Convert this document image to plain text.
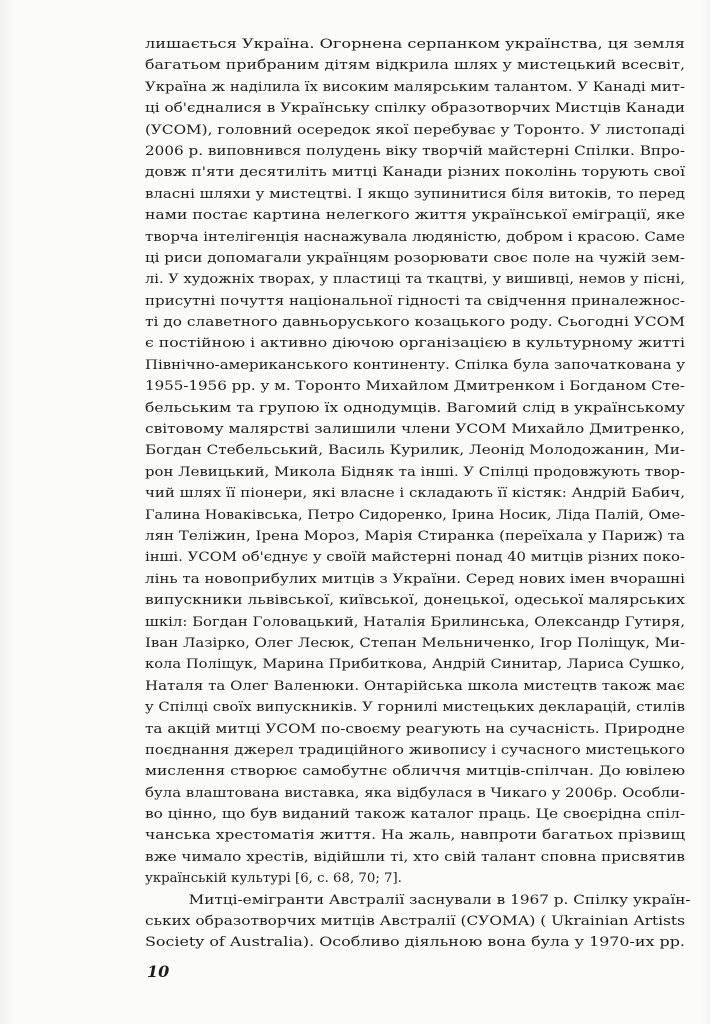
лишається Україна. Огорнена серпанком українства, ця земля
багатьом прибраним дітям відкрила шлях у мистецький всесвіт,
Україна ж наділила їх високим малярським талантом. У Канаді мит-
ці об'єдналися в Українську спілку образотворчих Мистців Канади
(УСОМ), головний осередок якої перебуває у Торонто. У листопаді
2006 р. виповнився полудень віку творчій майстерні Спілки. Впро-
довж п'яти десятиліть митці Канади різних поколінь торують свої
власні шляхи у мистецтві. І якщо зупинитися біля витоків, то перед
нами постає картина нелегкого життя української еміграції, яке
творча інтелігенція наснажувала людяністю, добром і красою. Саме
ці риси допомагали українцям розорювати своє поле на чужій зем-
лі. У художніх творах, у пластиці та ткацтві, у вишивці, немов у пісні,
присутні почуття національної гідності та свідчення приналежнос-
ті до славетного давньоруського козацького роду. Сьогодні УСОМ
є постійною і активно діючою організацією в культурному житті
Північно-американського континенту. Спілка була започаткована у
1955-1956 рр. у м. Торонто Михайлом Дмитренком і Богданом Сте-
бельським та групою їх однодумців. Вагомий слід в українському
світовому малярстві залишили члени УСОМ Михайло Дмитренко,
Богдан Стебельський, Василь Курилик, Леонід Молодожанин, Ми-
рон Левицький, Микола Бідняк та інші. У Спілці продовжують твор-
чий шлях її піонери, які власне і складають її кістяк: Андрій Бабич,
Галина Новаківська, Петро Сидоренко, Ірина Носик, Ліда Палій, Оме-
лян Теліжин, Ірена Мороз, Марія Стиранка (переїхала у Париж) та
інші. УСОМ об'єднує у своїй майстерні понад 40 митців різних поко-
лінь та новоприбулих митців з України. Серед нових імен вчорашні
випускники львівської, київської, донецької, одеської малярських
шкіл: Богдан Головацький, Наталія Брилинська, Олександр Гутиря,
Іван Лазірко, Олег Лесюк, Степан Мельниченко, Ігор Поліщук, Ми-
кола Поліщук, Марина Прибиткова, Андрій Синитар, Лариса Сушко,
Наталя та Олег Валенюки. Онтарійська школа мистецтв також має
у Спілці своїх випускників. У горнилі мистецьких декларацій, стилів
та акцій митці УСОМ по-своєму реагують на сучасність. Природне
поєднання джерел традиційного живопису і сучасного мистецького
мислення створює самобутнє обличчя митців-спілчан. До ювілею
була влаштована виставка, яка відбулася в Чикаго у 2006р. Особли-
во цінно, що був виданий також каталог праць. Це своєрідна спіл-
чанська хрестоматія життя. На жаль, навпроти багатьох прізвищ
вже чимало хрестів, відійшли ті, хто свій талант сповна присвятив
українській культурі [6, с. 68, 70; 7].
Митці-емігранти Австралії заснували в 1967 р. Спілку україн-
ських образотворчих митців Австралії (СУОМА) ( Ukrainian Artists
Society of Australia). Особливо діяльною вона була у 1970-их рр.
10
